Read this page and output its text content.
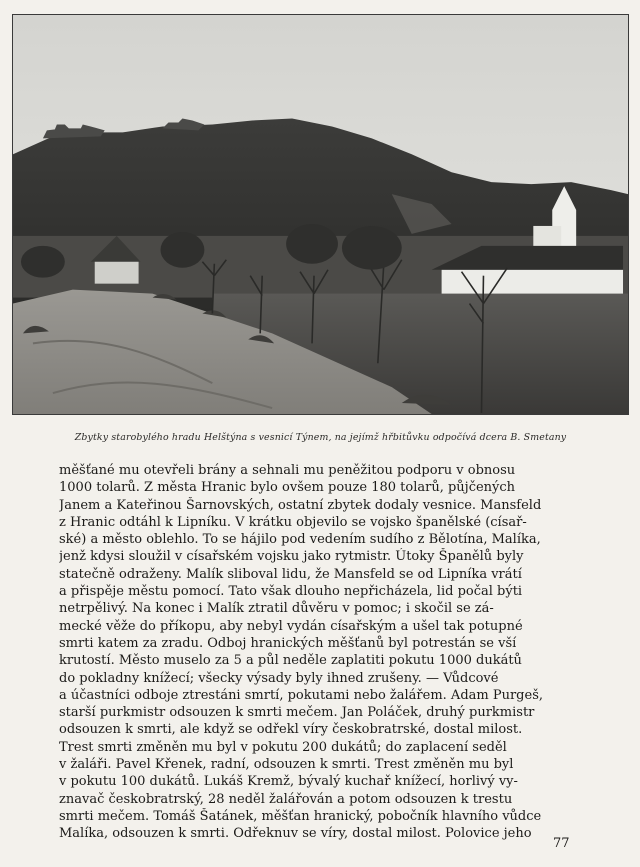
Zbytky starobylého hradu Helštýna s vesnicí Týnem, na jejímž hřbitůvku odpočívá dcera B. Smetany
měšťané mu otevřeli brány a sehnali mu peněžitou podporu v obnosu
1000 tolarů. Z města Hranic bylo ovšem pouze 180 tolarů, půjčených
Janem a Kateřinou Šarnovských, ostatní zbytek dodaly vesnice. Mansfeld
z Hranic odtáhl k Lipníku. V krátku objevilo se vojsko španělské (císař-
ské) a město oblehlo. To se hájilo pod vedením sudího z Bělotína, Malíka,
jenž kdysi sloužil v císařském vojsku jako rytmistr. Útoky Španělů byly
statečně odraženy. Malík sliboval lidu, že Mansfeld se od Lipníka vrátí
a přispěje městu pomocí. Tato však dlouho nepřicházela, lid počal býti
netrpělivý. Na konec i Malík ztratil důvěru v pomoc; i skočil se zá-
mecké věže do příkopu, aby nebyl vydán císařským a ušel tak potupné
smrti katem za zradu. Odboj hranických měšťanů byl potrestán se vší
krutostí. Město muselo za 5 a půl neděle zaplatiti pokutu 1000 dukátů
do pokladny knížecí; všecky výsady byly ihned zrušeny. — Vůdcové
a účastníci odboje ztrestáni smrtí, pokutami nebo žalářem. Adam Purgeš,
starší purkmistr odsouzen k smrti mečem. Jan Poláček, druhý purkmistr
odsouzen k smrti, ale když se odřekl víry českobratrské, dostal milost.
Trest smrti změněn mu byl v pokutu 200 dukátů; do zaplacení seděl
v žaláři. Pavel Křenek, radní, odsouzen k smrti. Trest změněn mu byl
v pokutu 100 dukátů. Lukáš Kremž, bývalý kuchař knížecí, horlivý vy-
znavač českobratrský, 28 neděl žalářován a potom odsouzen k trestu
smrti mečem. Tomáš Šatánek, měšťan hranický, pobočník hlavního vůdce
Malíka, odsouzen k smrti. Odřeknuv se víry, dostal milost. Polovice jeho
77
